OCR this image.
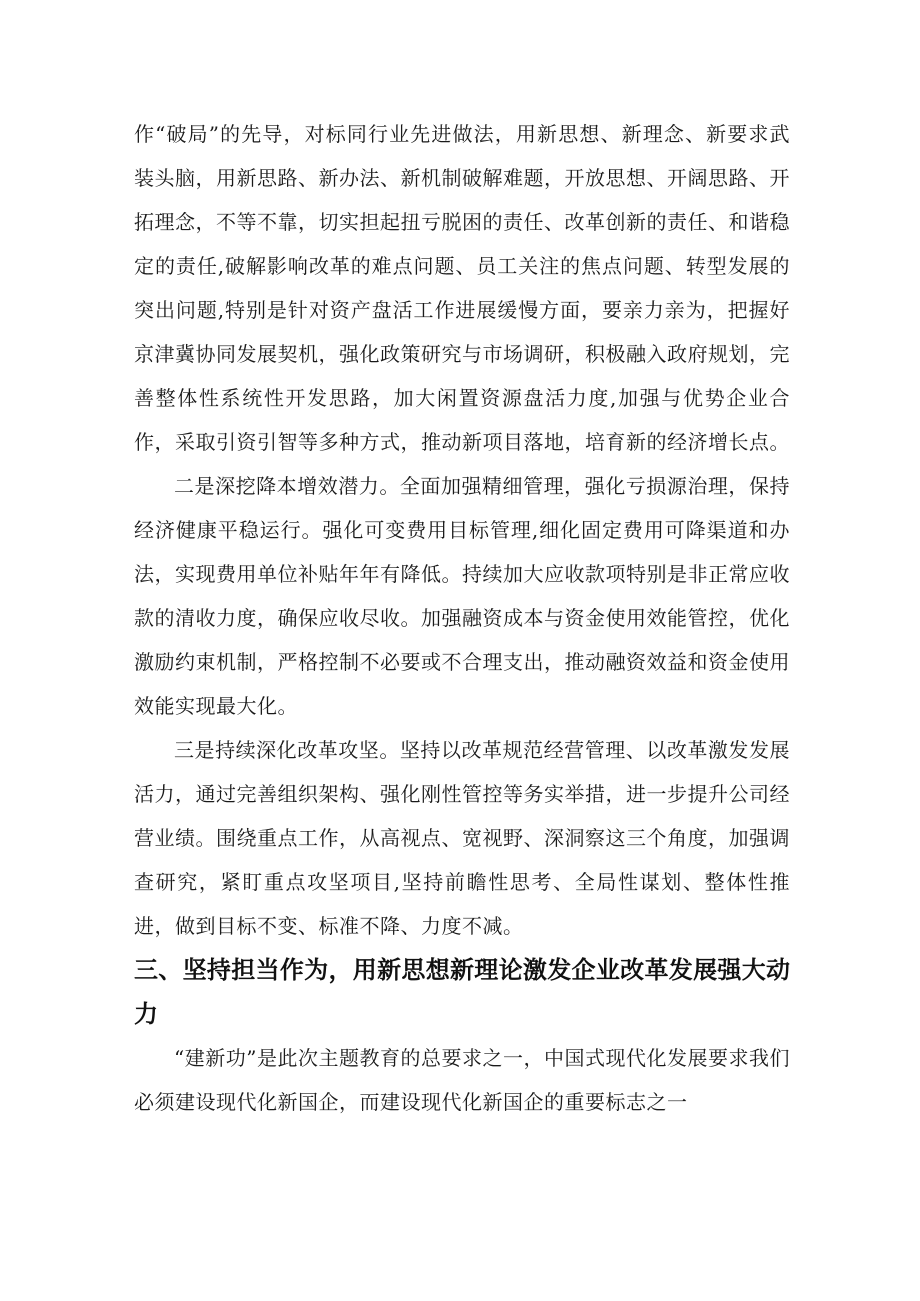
作“破局”的先导，对标同行业先进做法，用新思想、新理念、新要求武装头脑，用新思路、新办法、新机制破解难题，开放思想、开阔思路、开拓理念，不等不靠，切实担起扭亏脱困的责任、改革创新的责任、和谐稳定的责任,破解影响改革的难点问题、员工关注的焦点问题、转型发展的突出问题,特别是针对资产盘活工作进展缓慢方面，要亲力亲为，把握好京津冀协同发展契机，强化政策研究与市场调研，积极融入政府规划，完善整体性系统性开发思路，加大闲置资源盘活力度,加强与优势企业合作，采取引资引智等多种方式，推动新项目落地，培育新的经济增长点。

二是深挖降本增效潜力。全面加强精细管理，强化亏损源治理，保持经济健康平稳运行。强化可变费用目标管理,细化固定费用可降渠道和办法，实现费用单位补贴年年有降低。持续加大应收款项特别是非正常应收款的清收力度，确保应收尽收。加强融资成本与资金使用效能管控，优化激励约束机制，严格控制不必要或不合理支出，推动融资效益和资金使用效能实现最大化。

三是持续深化改革攻坚。坚持以改革规范经营管理、以改革激发发展活力，通过完善组织架构、强化刚性管控等务实举措，进一步提升公司经营业绩。围绕重点工作，从高视点、宽视野、深洞察这三个角度，加强调查研究，紧盯重点攻坚项目,坚持前瞻性思考、全局性谋划、整体性推进，做到目标不变、标准不降、力度不减。

三、坚持担当作为，用新思想新理论激发企业改革发展强大动力

“建新功”是此次主题教育的总要求之一，中国式现代化发展要求我们必须建设现代化新国企，而建设现代化新国企的重要标志之一
